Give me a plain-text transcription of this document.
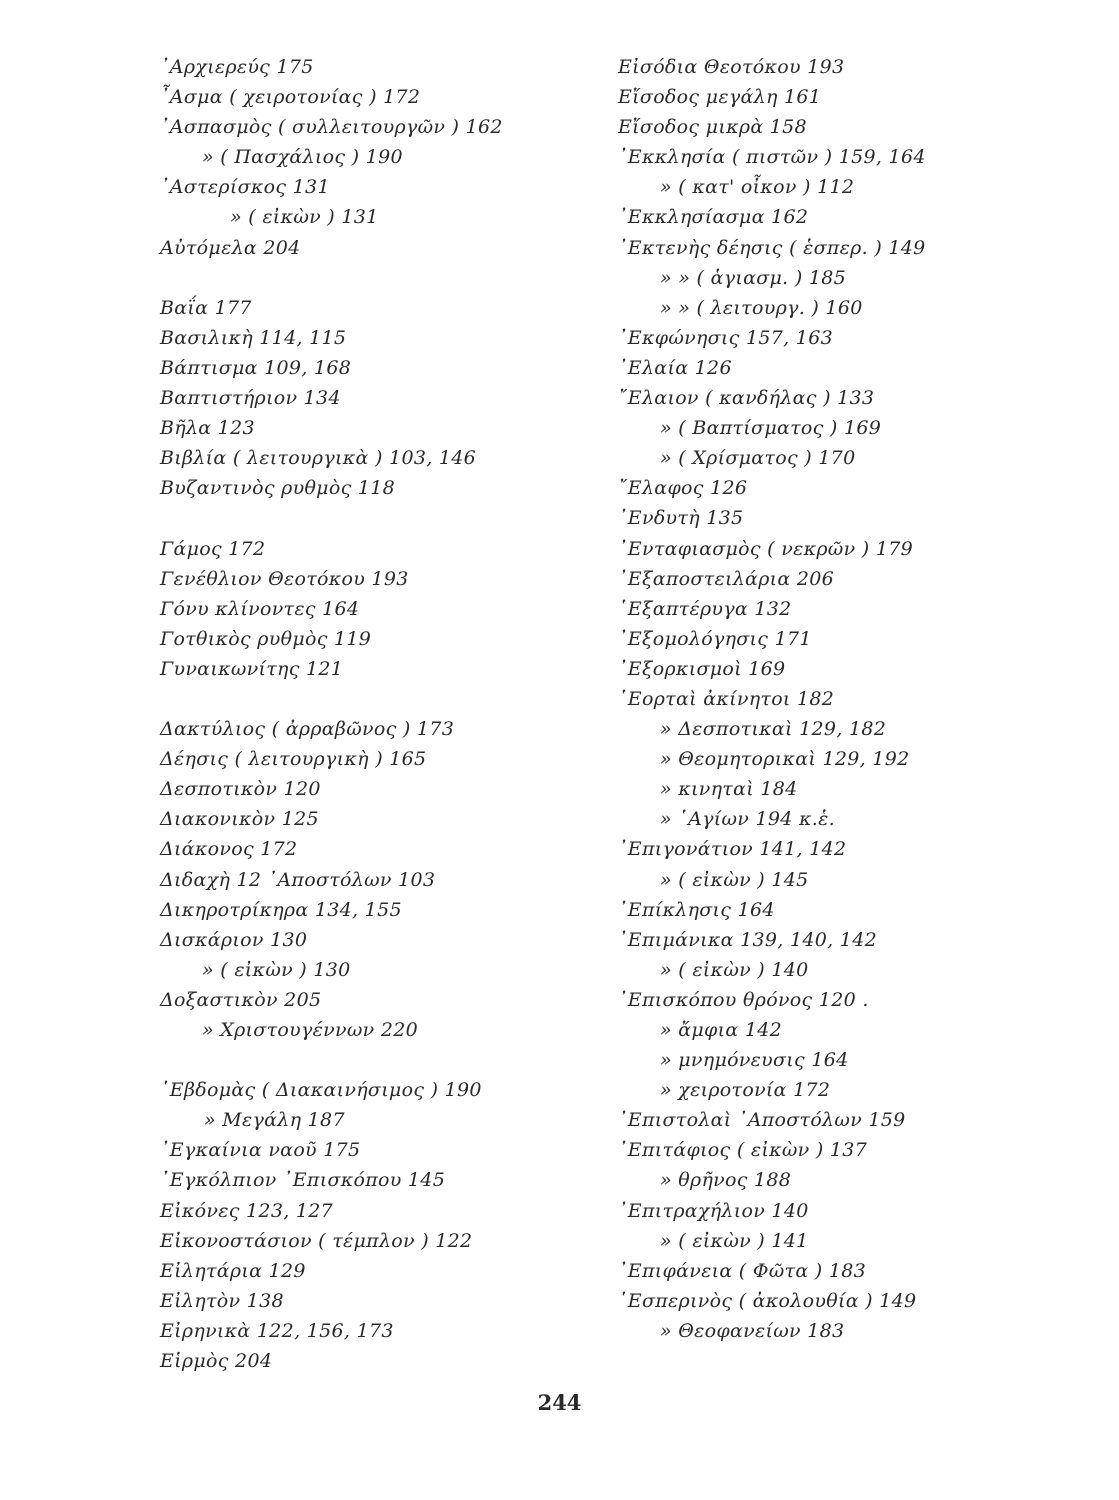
᾿Αρχιερεύς 175
῏Ασμα ( χειροτονίας ) 172
᾿Ασπασμὸς ( συλλειτουργῶν ) 162
» ( Πασχάλιος ) 190
᾿Αστερίσκος 131
» ( εἰκὼν ) 131
Αὐτόμελα 204
Βαΐα 177
Βασιλικὴ 114, 115
Βάπτισμα 109, 168
Βαπτιστήριον 134
Βῆλα 123
Βιβλία ( λειτουργικὰ ) 103, 146
Βυζαντινὸς ρυθμὸς 118
Γάμος 172
Γενέθλιον Θεοτόκου 193
Γόνυ κλίνοντες 164
Γοτθικὸς ρυθμὸς 119
Γυναικωνίτης 121
Δακτύλιος ( ἀρραβῶνος ) 173
Δέησις ( λειτουργικὴ ) 165
Δεσποτικὸν 120
Διακονικὸν 125
Διάκονος 172
Διδαχὴ 12 ᾿Αποστόλων 103
Δικηροτρίκηρα 134, 155
Δισκάριον 130
» ( εἰκὼν ) 130
Δοξαστικὸν 205
» Χριστουγέννων 220
῾Εβδομὰς ( Διακαινήσιμος ) 190
» Μεγάλη 187
᾿Εγκαίνια ναοῦ 175
᾿Εγκόλπιον ᾿Επισκόπου 145
Εἰκόνες 123, 127
Εἰκονοστάσιον ( τέμπλον ) 122
Εἰλητάρια 129
Εἰλητὸν 138
Εἰρηνικὰ 122, 156, 173
Εἱρμὸς 204
Εἰσόδια Θεοτόκου 193
Εἴσοδος μεγάλη 161
Εἴσοδος μικρὰ 158
᾿Εκκλησία ( πιστῶν ) 159, 164
» ( κατ' οἶκον ) 112
᾿Εκκλησίασμα 162
᾿Εκτενὴς δέησις ( ἑσπερ. ) 149
» » ( ἁγιασμ. ) 185
» » ( λειτουργ. ) 160
᾿Εκφώνησις 157, 163
᾿Ελαία 126
῎Ελαιον ( κανδήλας ) 133
» ( Βαπτίσματος ) 169
» ( Χρίσματος ) 170
῎Ελαφος 126
᾿Ενδυτὴ 135
᾿Ενταφιασμὸς ( νεκρῶν ) 179
᾿Εξαποστειλάρια 206
῾Εξαπτέρυγα 132
᾿Εξομολόγησις 171
᾿Εξορκισμοὶ 169
῾Εορταὶ ἀκίνητοι 182
» Δεσποτικαὶ 129, 182
» Θεομητορικαὶ 129, 192
» κινηταὶ 184
» ῾Αγίων 194 κ.ἑ.
᾿Επιγονάτιον 141, 142
» ( εἰκὼν ) 145
᾿Επίκλησις 164
᾿Επιμάνικα 139, 140, 142
» ( εἰκὼν ) 140
᾿Επισκόπου θρόνος 120 .
» ἄμφια 142
» μνημόνευσις 164
» χειροτονία 172
᾿Επιστολαὶ ᾿Αποστόλων 159
᾿Επιτάφιος ( εἰκὼν ) 137
» θρῆνος 188
᾿Επιτραχήλιον 140
» ( εἰκὼν ) 141
᾿Επιφάνεια ( Φῶτα ) 183
῾Εσπερινὸς ( ἀκολουθία ) 149
» Θεοφανείων 183
244
